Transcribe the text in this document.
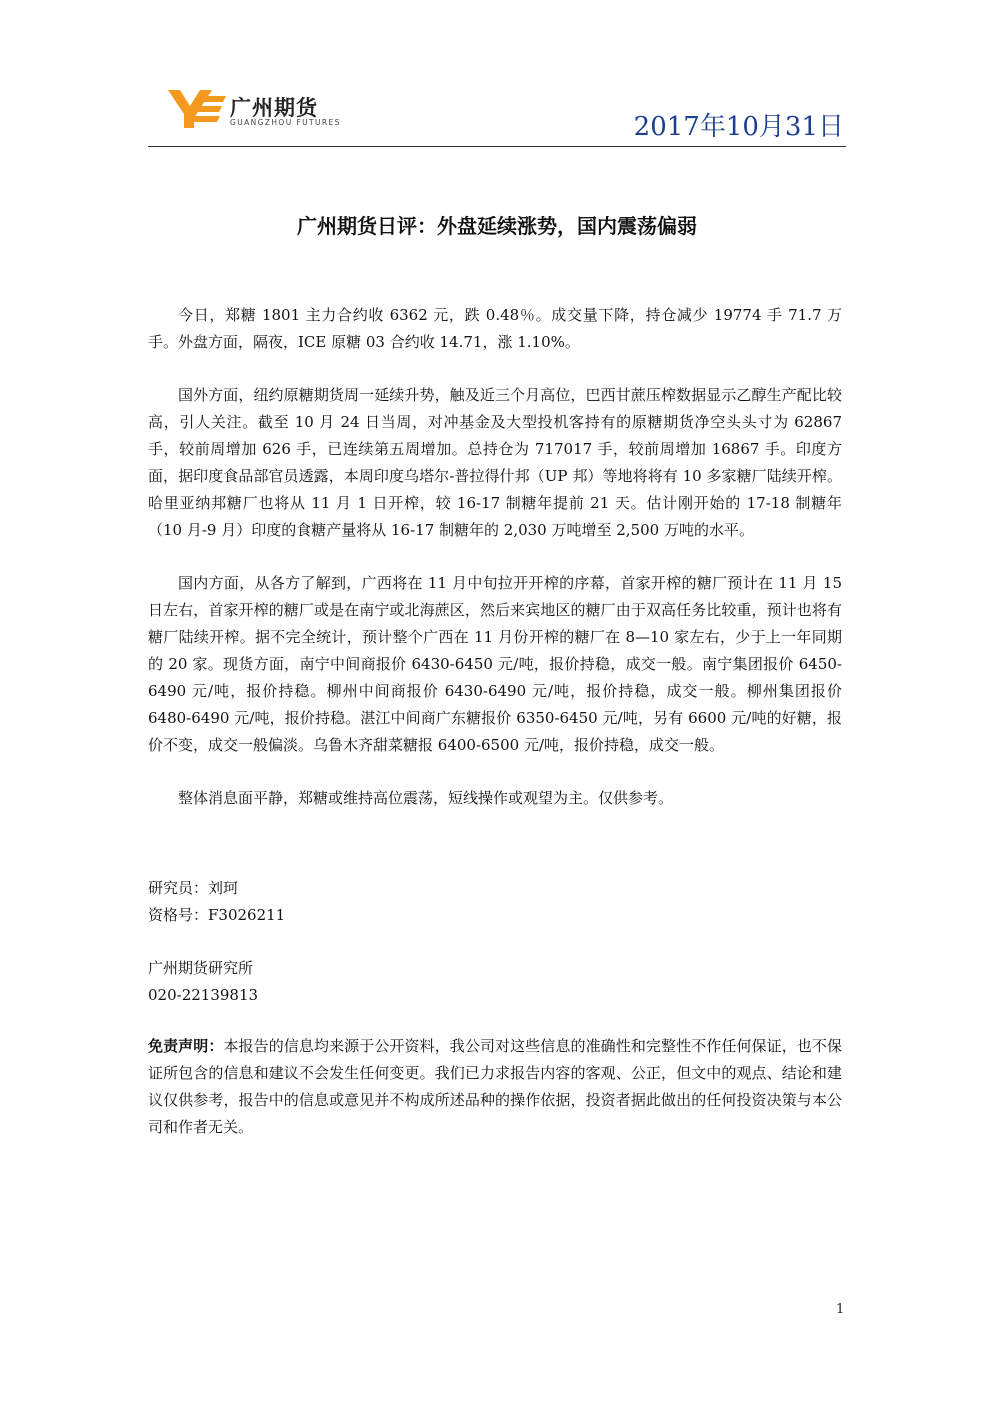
广州期货
GUANGZHOU FUTURES	2017年10月31日
广州期货日评：外盘延续涨势，国内震荡偏弱

今日，郑糖 1801 主力合约收 6362 元，跌 0.48％。成交量下降，持仓减少 19774 手 71.7 万手。外盘方面，隔夜，ICE 原糖 03 合约收 14.71，涨 1.10%。

国外方面，纽约原糖期货周一延续升势，触及近三个月高位，巴西甘蔗压榨数据显示乙醇生产配比较高，引人关注。截至 10 月 24 日当周，对冲基金及大型投机客持有的原糖期货净空头头寸为 62867 手，较前周增加 626 手，已连续第五周增加。总持仓为 717017 手，较前周增加 16867 手。印度方面，据印度食品部官员透露，本周印度乌塔尔-普拉得什邦（UP 邦）等地将将有 10 多家糖厂陆续开榨。哈里亚纳邦糖厂也将从 11 月 1 日开榨，较 16-17 制糖年提前 21 天。估计刚开始的 17-18 制糖年（10 月-9 月）印度的食糖产量将从 16-17 制糖年的 2,030 万吨增至 2,500 万吨的水平。

国内方面，从各方了解到，广西将在 11 月中旬拉开开榨的序幕，首家开榨的糖厂预计在 11 月 15 日左右，首家开榨的糖厂或是在南宁或北海蔗区，然后来宾地区的糖厂由于双高任务比较重，预计也将有糖厂陆续开榨。据不完全统计，预计整个广西在 11 月份开榨的糖厂在 8—10 家左右，少于上一年同期的 20 家。现货方面，南宁中间商报价 6430-6450 元/吨，报价持稳，成交一般。南宁集团报价 6450-6490 元/吨，报价持稳。柳州中间商报价 6430-6490 元/吨，报价持稳，成交一般。柳州集团报价 6480-6490 元/吨，报价持稳。湛江中间商广东糖报价 6350-6450 元/吨，另有 6600 元/吨的好糖，报价不变，成交一般偏淡。乌鲁木齐甜菜糖报 6400-6500 元/吨，报价持稳，成交一般。

整体消息面平静，郑糖或维持高位震荡，短线操作或观望为主。仅供参考。

研究员：刘珂

资格号：F3026211

广州期货研究所

020-22139813

免责声明：本报告的信息均来源于公开资料，我公司对这些信息的准确性和完整性不作任何保证，也不保证所包含的信息和建议不会发生任何变更。我们已力求报告内容的客观、公正，但文中的观点、结论和建议仅供参考，报告中的信息或意见并不构成所述品种的操作依据，投资者据此做出的任何投资决策与本公司和作者无关。
1
